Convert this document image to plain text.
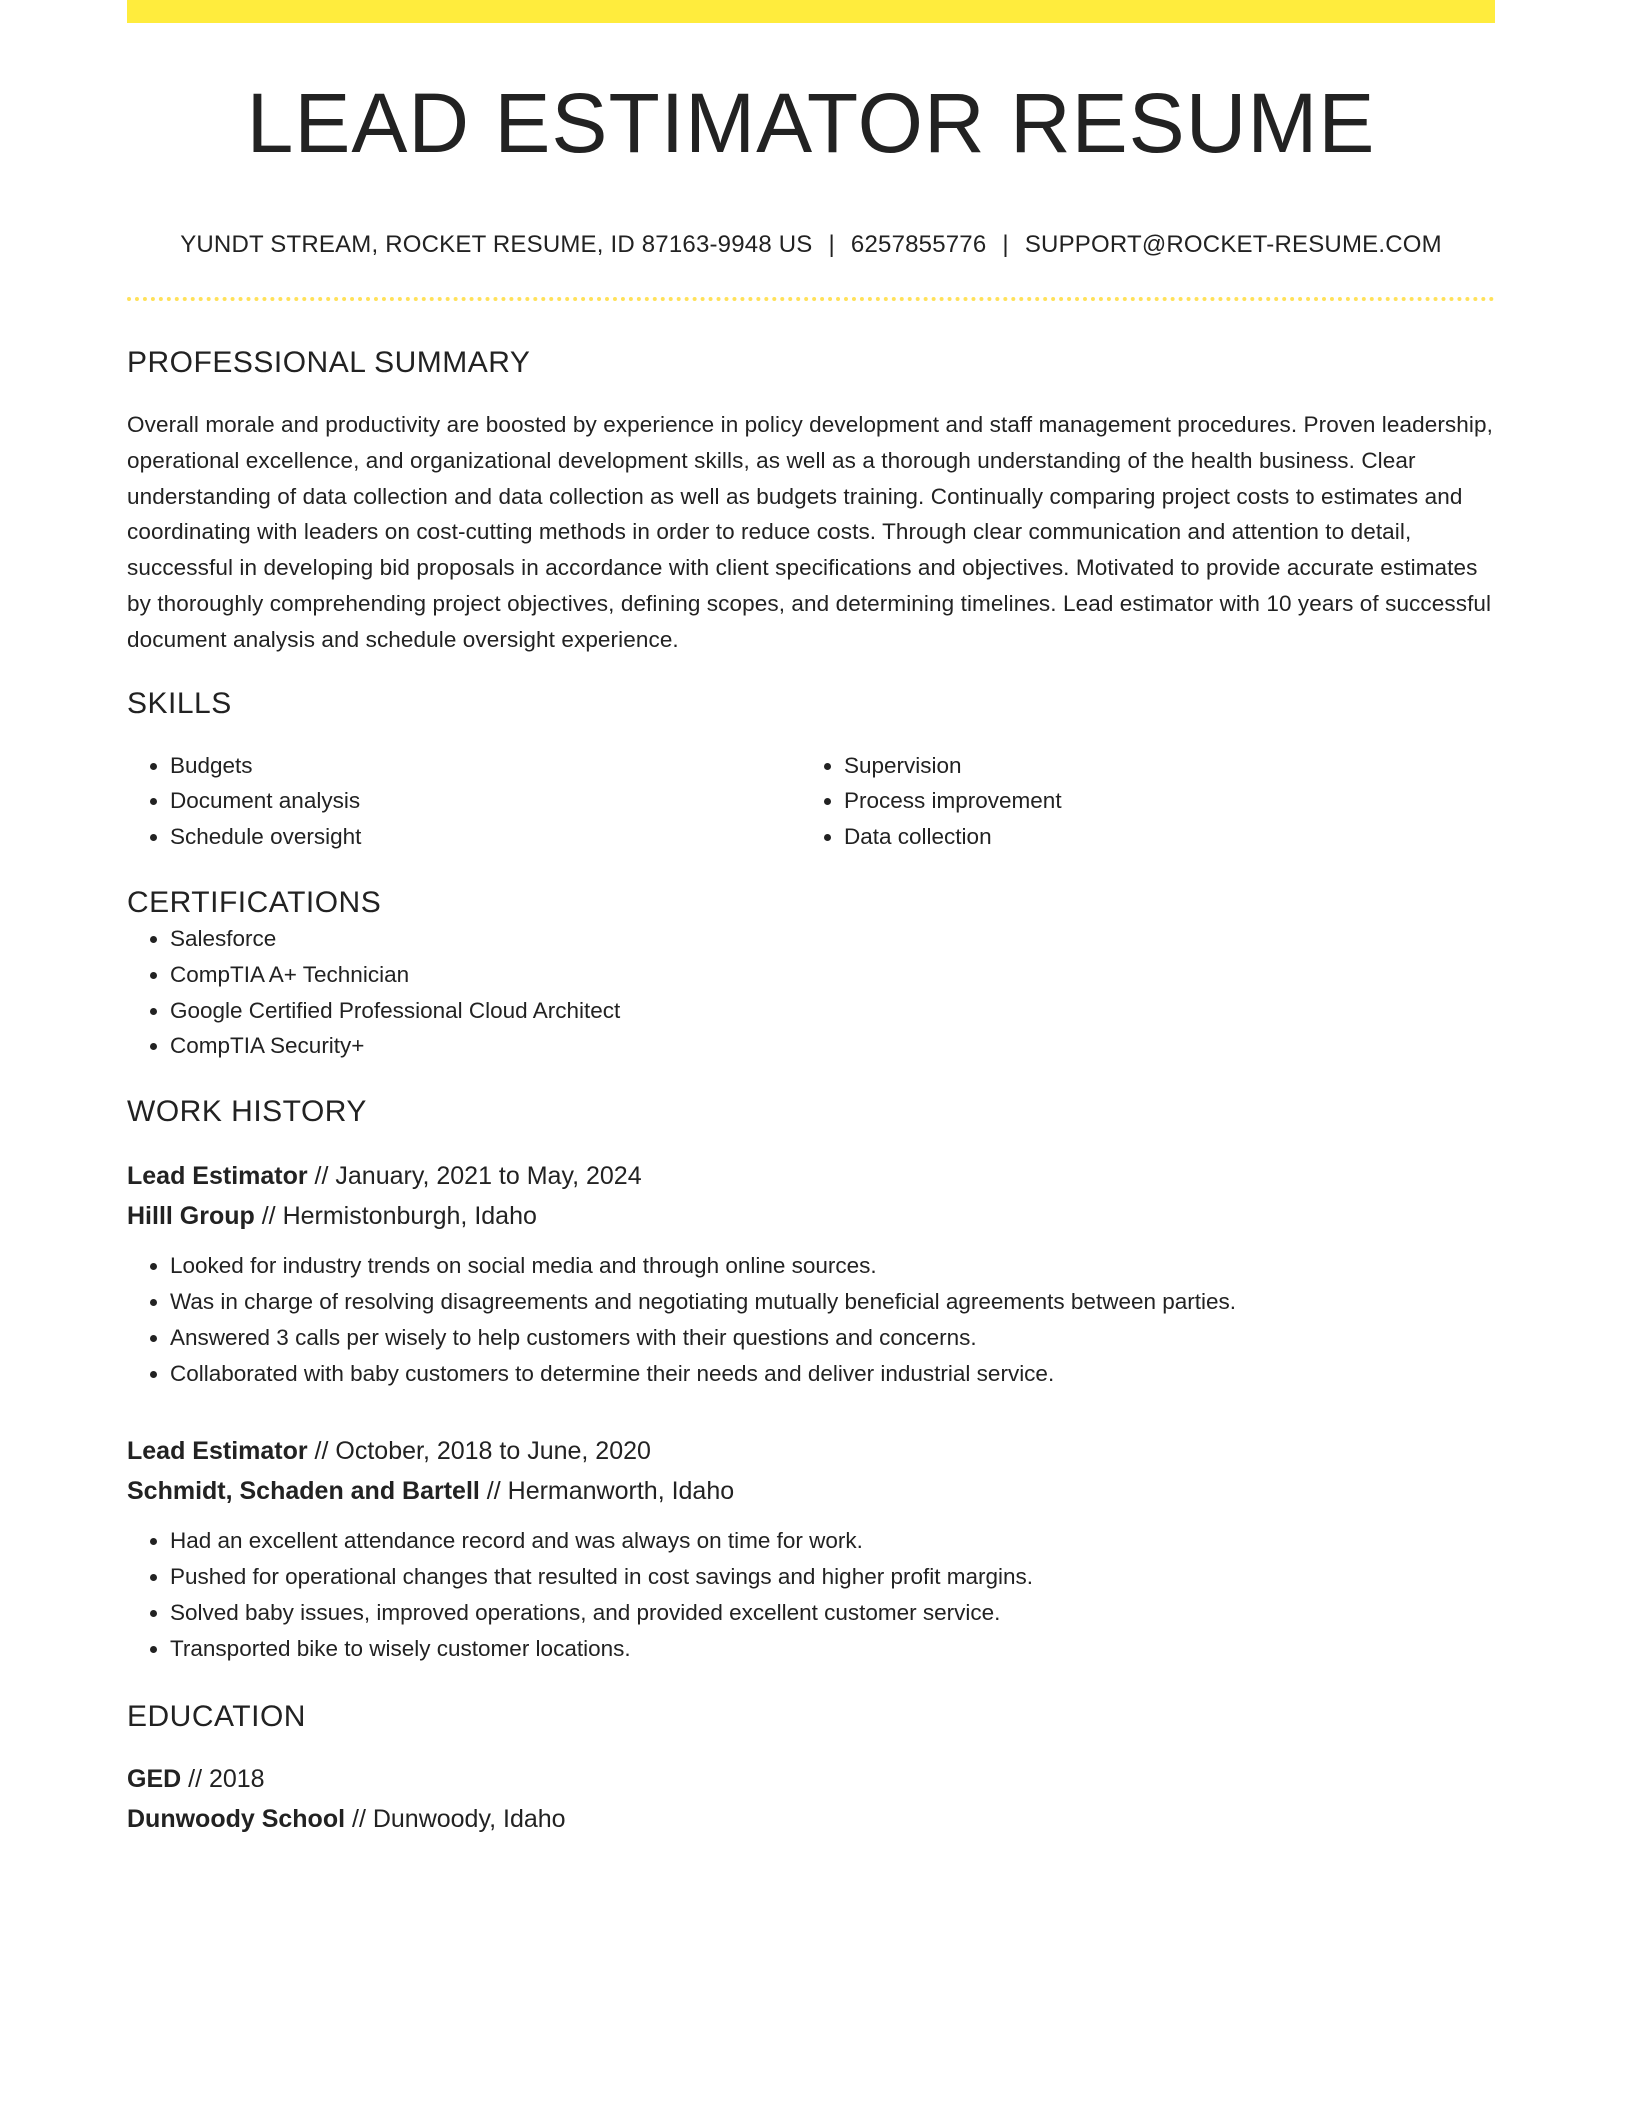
LEAD ESTIMATOR RESUME
YUNDT STREAM, ROCKET RESUME, ID 87163-9948 US | 6257855776 | SUPPORT@ROCKET-RESUME.COM
PROFESSIONAL SUMMARY

Overall morale and productivity are boosted by experience in policy development and staff management procedures. Proven leadership, operational excellence, and organizational development skills, as well as a thorough understanding of the health business. Clear understanding of data collection and data collection as well as budgets training. Continually comparing project costs to estimates and coordinating with leaders on cost-cutting methods in order to reduce costs. Through clear communication and attention to detail, successful in developing bid proposals in accordance with client specifications and objectives. Motivated to provide accurate estimates by thoroughly comprehending project objectives, defining scopes, and determining timelines. Lead estimator with 10 years of successful document analysis and schedule oversight experience.

SKILLS
• Budgets
• Document analysis
• Schedule oversight
• Supervision
• Process improvement
• Data collection
CERTIFICATIONS
• Salesforce
• CompTIA A+ Technician
• Google Certified Professional Cloud Architect
• CompTIA Security+
WORK HISTORY
Lead Estimator // January, 2021 to May, 2024
Hilll Group // Hermistonburgh, Idaho
• Looked for industry trends on social media and through online sources.
• Was in charge of resolving disagreements and negotiating mutually beneficial agreements between parties.
• Answered 3 calls per wisely to help customers with their questions and concerns.
• Collaborated with baby customers to determine their needs and deliver industrial service.
Lead Estimator // October, 2018 to June, 2020
Schmidt, Schaden and Bartell // Hermanworth, Idaho
• Had an excellent attendance record and was always on time for work.
• Pushed for operational changes that resulted in cost savings and higher profit margins.
• Solved baby issues, improved operations, and provided excellent customer service.
• Transported bike to wisely customer locations.
EDUCATION
GED // 2018
Dunwoody School // Dunwoody, Idaho
